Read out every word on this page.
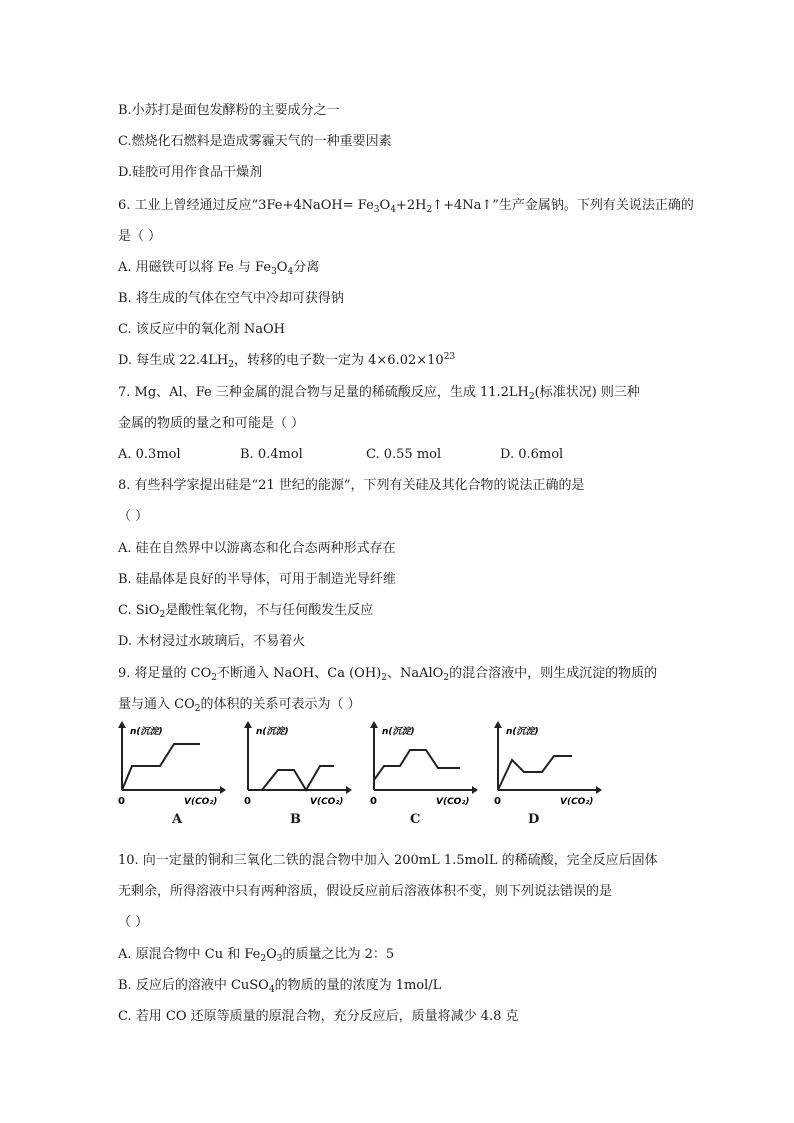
B.小苏打是面包发酵粉的主要成分之一
C.燃烧化石燃料是造成雾霾天气的一种重要因素
D.硅胶可用作食品干燥剂
6. 工业上曾经通过反应“3Fe+4NaOH= $Fe_3O_4+2H_2↑+4Na↑$”生产金属钠。下列有关说法正确的
是（ ）
A. 用磁铁可以将 Fe 与 $Fe_3O_4$分离
B. 将生成的气体在空气中冷却可获得钠
C. 该反应中的氧化剂 NaOH
D. 每生成 $22.4LH_2$，转移的电子数一定为 $4\times 6.02\times 10^{23}$
7. Mg、Al、Fe 三种金属的混合物与足量的稀硫酸反应，生成 $11.2LH_2$(标准状况) 则三种
金属的物质的量之和可能是（ ）
A. 0.3mol	B. 0.4mol	C. 0.55 mol	D. 0.6mol
8. 有些科学家提出硅是“21 世纪的能源”，下列有关硅及其化合物的说法正确的是
（ ）
A. 硅在自然界中以游离态和化合态两种形式存在
B. 硅晶体是良好的半导体，可用于制造光导纤维
C. SiO$_2$是酸性氧化物，不与任何酸发生反应
D. 木材浸过水玻璃后，不易着火
9. 将足量的 $CO_2$不断通入 NaOH、Ca $(OH)_2$、NaAlO$_2$的混合溶液中，则生成沉淀的物质的
量与通入 $CO_2$的体积的关系可表示为（ ）
n(沉淀)
0	V(CO₂)
n(沉淀)
0	V(CO₂)
n(沉淀)
0	V(CO₂)
n(沉淀)
0	V(CO₂)
A	B	C	D
10. 向一定量的铜和三氧化二铁的混合物中加入 200mL 1.5molL 的稀硫酸，完全反应后固体
无剩余，所得溶液中只有两种溶质，假设反应前后溶液体积不变，则下列说法错误的是
（ ）
A. 原混合物中 Cu 和 $Fe_2O_3$的质量之比为 2：5
B. 反应后的溶液中 CuSO$_4$的物质的量的浓度为 1mol/L
C. 若用 CO 还原等质量的原混合物，充分反应后，质量将减少 4.8 克
